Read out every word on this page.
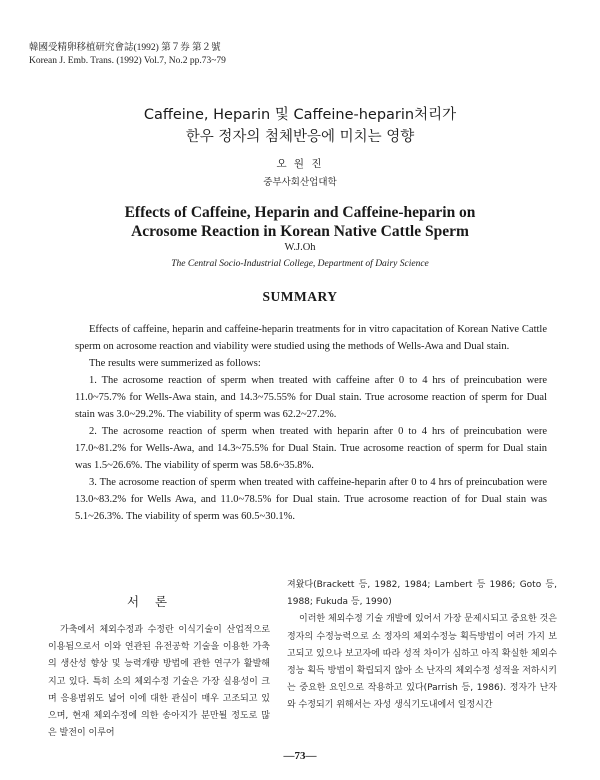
韓國受精卵移植研究會誌(1992) 第７券 第２號
Korean J. Emb. Trans. (1992) Vol.7, No.2 pp.73~79
Caffeine, Heparin 및 Caffeine-heparin처리가
한우 정자의 첨체반응에 미치는 영향
오 원 진
중부사회산업대학
Effects of Caffeine, Heparin and Caffeine-heparin on
Acrosome Reaction in Korean Native Cattle Sperm
W.J.Oh
The Central Socio-Industrial College, Department of Dairy Science
SUMMARY

Effects of caffeine, heparin and caffeine-heparin treatments for in vitro capacitation of Korean Native Cattle sperm on acrosome reaction and viability were studied using the methods of Wells-Awa and Dual stain.

The results were summerized as follows:

1. The acrosome reaction of sperm when treated with caffeine after 0 to 4 hrs of preincubation were 11.0~75.7% for Wells-Awa stain, and 14.3~75.55% for Dual stain. True acrosome reaction of sperm for Dual stain was 3.0~29.2%. The viability of sperm was 62.2~27.2%.

2. The acrosome reaction of sperm when treated with heparin after 0 to 4 hrs of preincubation were 17.0~81.2% for Wells-Awa, and 14.3~75.5% for Dual Stain. True acrosome reaction of sperm for Dual stain was 1.5~26.6%. The viability of sperm was 58.6~35.8%.

3. The acrosome reaction of sperm when treated with caffeine-heparin after 0 to 4 hrs of preincubation were 13.0~83.2% for Wells Awa, and 11.0~78.5% for Dual stain. True acrosome reaction of for Dual stain was 5.1~26.3%. The viability of sperm was 60.5~30.1%.

서 론

가축에서 체외수정과 수정란 이식기술이 산업적으로 이용됨으로서 이와 연관된 유전공학 기술을 이용한 가축의 생산성 향상 및 능력개량 방법에 관한 연구가 활발해지고 있다. 특히 소의 체외수정 기술은 가장 실용성이 크며 응용범위도 넓어 이에 대한 관심이 매우 고조되고 있으며, 현재 체외수정에 의한 송아지가 분만될 정도로 많은 발전이 이루어

져왔다(Brackett 등, 1982, 1984; Lambert 등 1986; Goto 등, 1988; Fukuda 등, 1990)

이러한 체외수정 기술 개발에 있어서 가장 문제시되고 중요한 것은 정자의 수정능력으로 소 정자의 체외수정능 획득방법이 여러 가지 보고되고 있으나 보고자에 따라 성적 차이가 심하고 아직 확실한 체외수정능 획득 방법이 확립되지 않아 소 난자의 체외수정 성적을 저하시키는 중요한 요인으로 작용하고 있다(Parrish 등, 1986). 정자가 난자와 수정되기 위해서는 자성 생식기도내에서 일정시간

—73—
